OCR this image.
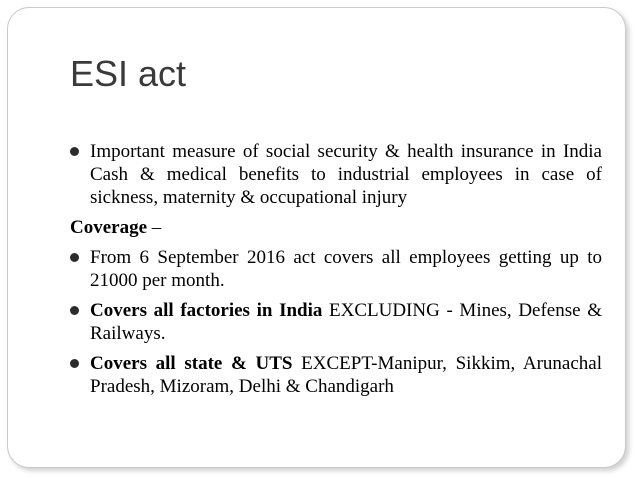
ESI act
Important measure of social security & health insurance in India Cash & medical benefits to industrial employees in case of sickness, maternity & occupational injury
Coverage –
From 6 September 2016 act covers all employees getting up to 21000 per month.
Covers all factories in India EXCLUDING - Mines, Defense & Railways.
Covers all state & UTS EXCEPT-Manipur, Sikkim, Arunachal Pradesh, Mizoram, Delhi & Chandigarh
